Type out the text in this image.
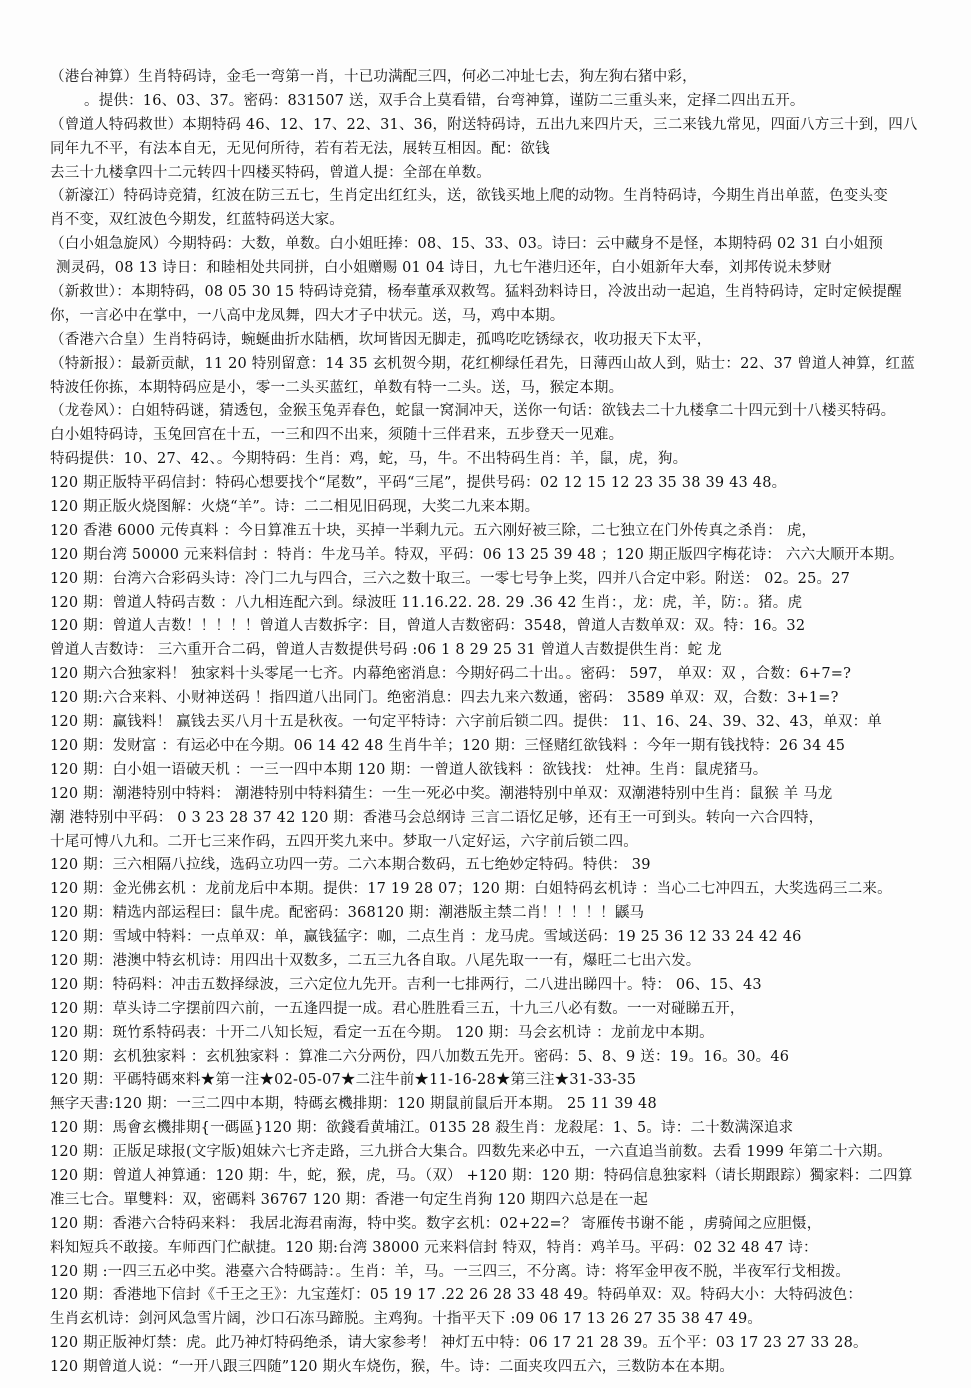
（港台神算）生肖特码诗，金毛一弯第一肖，十已功满配三四，何必二冲址七去，狗左狗右猪中彩，
。提供：16、03、37。密码：831507 送，双手合上莫看错，台弯神算，谨防二三重头来，定择二四出五开。
（曾道人特码救世）本期特码 46、12、17、22、31、36，附送特码诗，五出九来四片天，三二来钱九常见，四面八方三十到，四八
同年九不平，有法本自无，无见何所待，若有若无法，展转互相因。配：欲钱
去三十九楼拿四十二元转四十四楼买特码，曾道人提：全部在单数。
（新濠江）特码诗竞猜，红波在防三五七，生肖定出红红头，送，欲钱买地上爬的动物。生肖特码诗，今期生肖出单蓝，色变头变
肖不变，双红波色今期发，红蓝特码送大家。
（白小姐急旋风）今期特码：大数，单数。白小姐旺捧：08、15、33、03。诗曰：云中藏身不是怪，本期特码 02 31 白小姐预
测灵码，08 13 诗日：和睦相处共同拼，白小姐赠赐 01 04 诗日，九七午港归还年，白小姐新年大奉，刘邦传说未梦财
（新救世）：本期特码，08 05 30 15 特码诗竞猜，杨奉董承双救驾。猛料劲料诗日，冷波出动一起追，生肖特码诗，定时定候提醒
你，一言必中在掌中，一八高中龙凤舞，四大才子中状元。送，马，鸡中本期。
（香港六合皇）生肖特码诗，蜿蜒曲折水陆栖，坎坷皆因无脚走，孤鸣吃吃锈绿衣，收功报天下太平，
（特新报）：最新贡献，11 20 特别留意：14 35 玄机贺今期，花红柳绿任君先，日薄西山故人到，贴士：22、37 曾道人神算，红蓝
特波任你拣，本期特码应是小，零一二头买蓝红，单数有特一二头。送，马，猴定本期。
（龙卷风）：白姐特码谜，猜透包，金猴玉兔弄春色，蛇鼠一窝洞冲天，送你一句话：欲钱去二十九楼拿二十四元到十八楼买特码。
白小姐特码诗，玉兔回宫在十五，一三和四不出来，须随十三伴君来，五步登天一见难。
特码提供：10、27、42、。今期特码：生肖：鸡，蛇，马，牛。不出特码生肖：羊，鼠，虎，狗。
120 期正版特平码信封：特码心想要找个“尾数”，平码“三尾”，提供号码：02 12 15 12 23 35 38 39 43 48。
120 期正版火烧图解：火烧“羊”。诗：二二相见旧码现，大奖二九来本期。
120 香港 6000 元传真料 ：今日算准五十块，买掉一半剩九元。五六刚好被三除，二七独立在门外传真之杀肖： 虎，
120 期台湾 50000 元来料信封 ：特肖：牛龙马羊。特双，平码：06 13 25 39 48 ；120 期正版四字梅花诗： 六六大顺开本期。
120 期：台湾六合彩码头诗：冷门二九与四合，三六之数十取三。一零七号争上奖，四并八合定中彩。附送： 02。25。27
120 期：曾道人特码吉数 ：八九相连配六到。绿波旺 11.16.22. 28. 29 .36 42 生肖：，龙：虎，羊，防：。猪。虎
120 期：曾道人吉数！！！！！曾道人吉数拆字：目，曾道人吉数密码：3548，曾道人吉数单双：双。特：16。32
曾道人吉数诗： 三六重开合二码，曾道人吉数提供号码 :06 1 8 29 25 31 曾道人吉数提供生肖：蛇 龙
120 期六合独家料！ 独家料十头零尾一七齐。内幕绝密消息：今期好码二十出。。密码： 597， 单双：双 ，合数：6+7=?
120 期:六合来料、小财神送码 ！指四道八出同门。绝密消息：四去九来六数通，密码： 3589 单双：双，合数：3+1=?
120 期：赢钱料！ 赢钱去买八月十五是秋夜。一句定平特诗：六字前后锁二四。提供： 11、16、24、39、32、43，单双：单
120 期：发财富 ：有运必中在今期。06 14 42 48 生肖牛羊；120 期：三怪赌红欲钱料 ：今年一期有钱找特：26 34 45
120 期：白小姐一语破天机 ：一三一四中本期 120 期：一曾道人欲钱料 ：欲钱找： 灶神。生肖：鼠虎猪马。
120 期：潮港特别中特料： 潮港特别中特料猜生：一生一死必中奖。潮港特别中单双：双潮港特别中生肖：鼠猴 羊 马龙
潮 港特别中平码： 0 3 23 28 37 42 120 期：香港马会总纲诗 三言二语忆足够，还有王一可到头。转向一六合四特，
十尾可愽八九和。二开七三来作码，五四开奖九来中。梦取一八定好运，六字前后锁二四。
120 期：三六相隔八拉线，选码立功四一劳。二六本期合数码，五七绝妙定特码。特供： 39
120 期：金光佛玄机 ：龙前龙后中本期。提供：17 19 28 07；120 期：白姐特码玄机诗 ：当心二七冲四五，大奖选码三二来。
120 期：精选内部运程曰：鼠牛虎。配密码：368120 期：潮港版主禁二肖！！！！！鼷马
120 期：雪域中特料：一点单双：单，赢钱猛字：咖，二点生肖 ：龙马虎。雪域送码：19 25 36 12 33 24 42 46
120 期：港澳中特玄机诗：用四出十双数多，二五三九各自取。八尾先取一一有，爆旺二七出六发。
120 期：特码料：冲击五数择绿波，三六定位九先开。吉利一七排两行，二八进出睇四十。特： 06、15、43
120 期：草头诗二字摆前四六前，一五逢四提一成。君心胜胜看三五，十九三八必有数。一一对碰睇五开，
120 期：斑竹系特码表：十开二八知长短，看定一五在今期。 120 期：马会玄机诗 ：龙前龙中本期。
120 期：玄机独家料 ：玄机独家料 ：算准二六分两份，四八加数五先开。密码：5、8、9 送：19。16。30。46
120 期：平碼特碼來料★第一注★02-05-07★二注牛前★11-16-28★第三注★31-33-35
無字天書:120 期：一三二四中本期，特碼玄機排期：120 期鼠前鼠后开本期。 25 11 39 48
120 期：馬會玄機排期{一碼區}120 期：欲錢看黄埔江。0135 28 殺生肖：龙殺尾：1、5。诗：二十数满深追求
120 期：正版足球报(文字版)姐妹六七齐走路，三九拼合大集合。四数先来必中五，一六直追当前数。去看 1999 年第二十六期。
120 期：曾道人神算通：120 期：牛，蛇，猴，虎，马。（双） +120 期：120 期：特码信息独家料（请长期跟踪）獨家料：二四算
准三七合。單雙料：双，密碼料 36767 120 期：香港一句定生肖狗 120 期四六总是在一起
120 期：香港六合特码来料： 我居北海君南海，特中奖。数字玄机：02+22=？ 寄雁传书谢不能 ，虏骑闻之应胆慑，
料知短兵不敢接。车师西门伫献捷。120 期:台湾 38000 元来料信封 特双，特肖：鸡羊马。平码：02 32 48 47 诗：
120 期 :一四三五必中奖。港臺六合特碼詩：。生肖：羊，马。一三四三，不分离。诗：将军金甲夜不脱，半夜军行戈相拨。
120 期：香港地下信封《千王之王》：九宝莲灯：05 19 17 .22 26 28 33 48 49。特码单双：双。特码大小：大特码波色：
生肖玄机诗：剑河风急雪片阔，沙口石冻马蹄脱。主鸡狗。十指平天下 :09 06 17 13 26 27 35 38 47 49。
120 期正版神灯禁：虎。此乃神灯特码绝杀，请大家参考！ 神灯五中特：06 17 21 28 39。五个平：03 17 23 27 33 28。
120 期曾道人说：“一开八跟三四随”120 期火车烧伤，猴，牛。诗：二面夹攻四五六，三数防本在本期。
